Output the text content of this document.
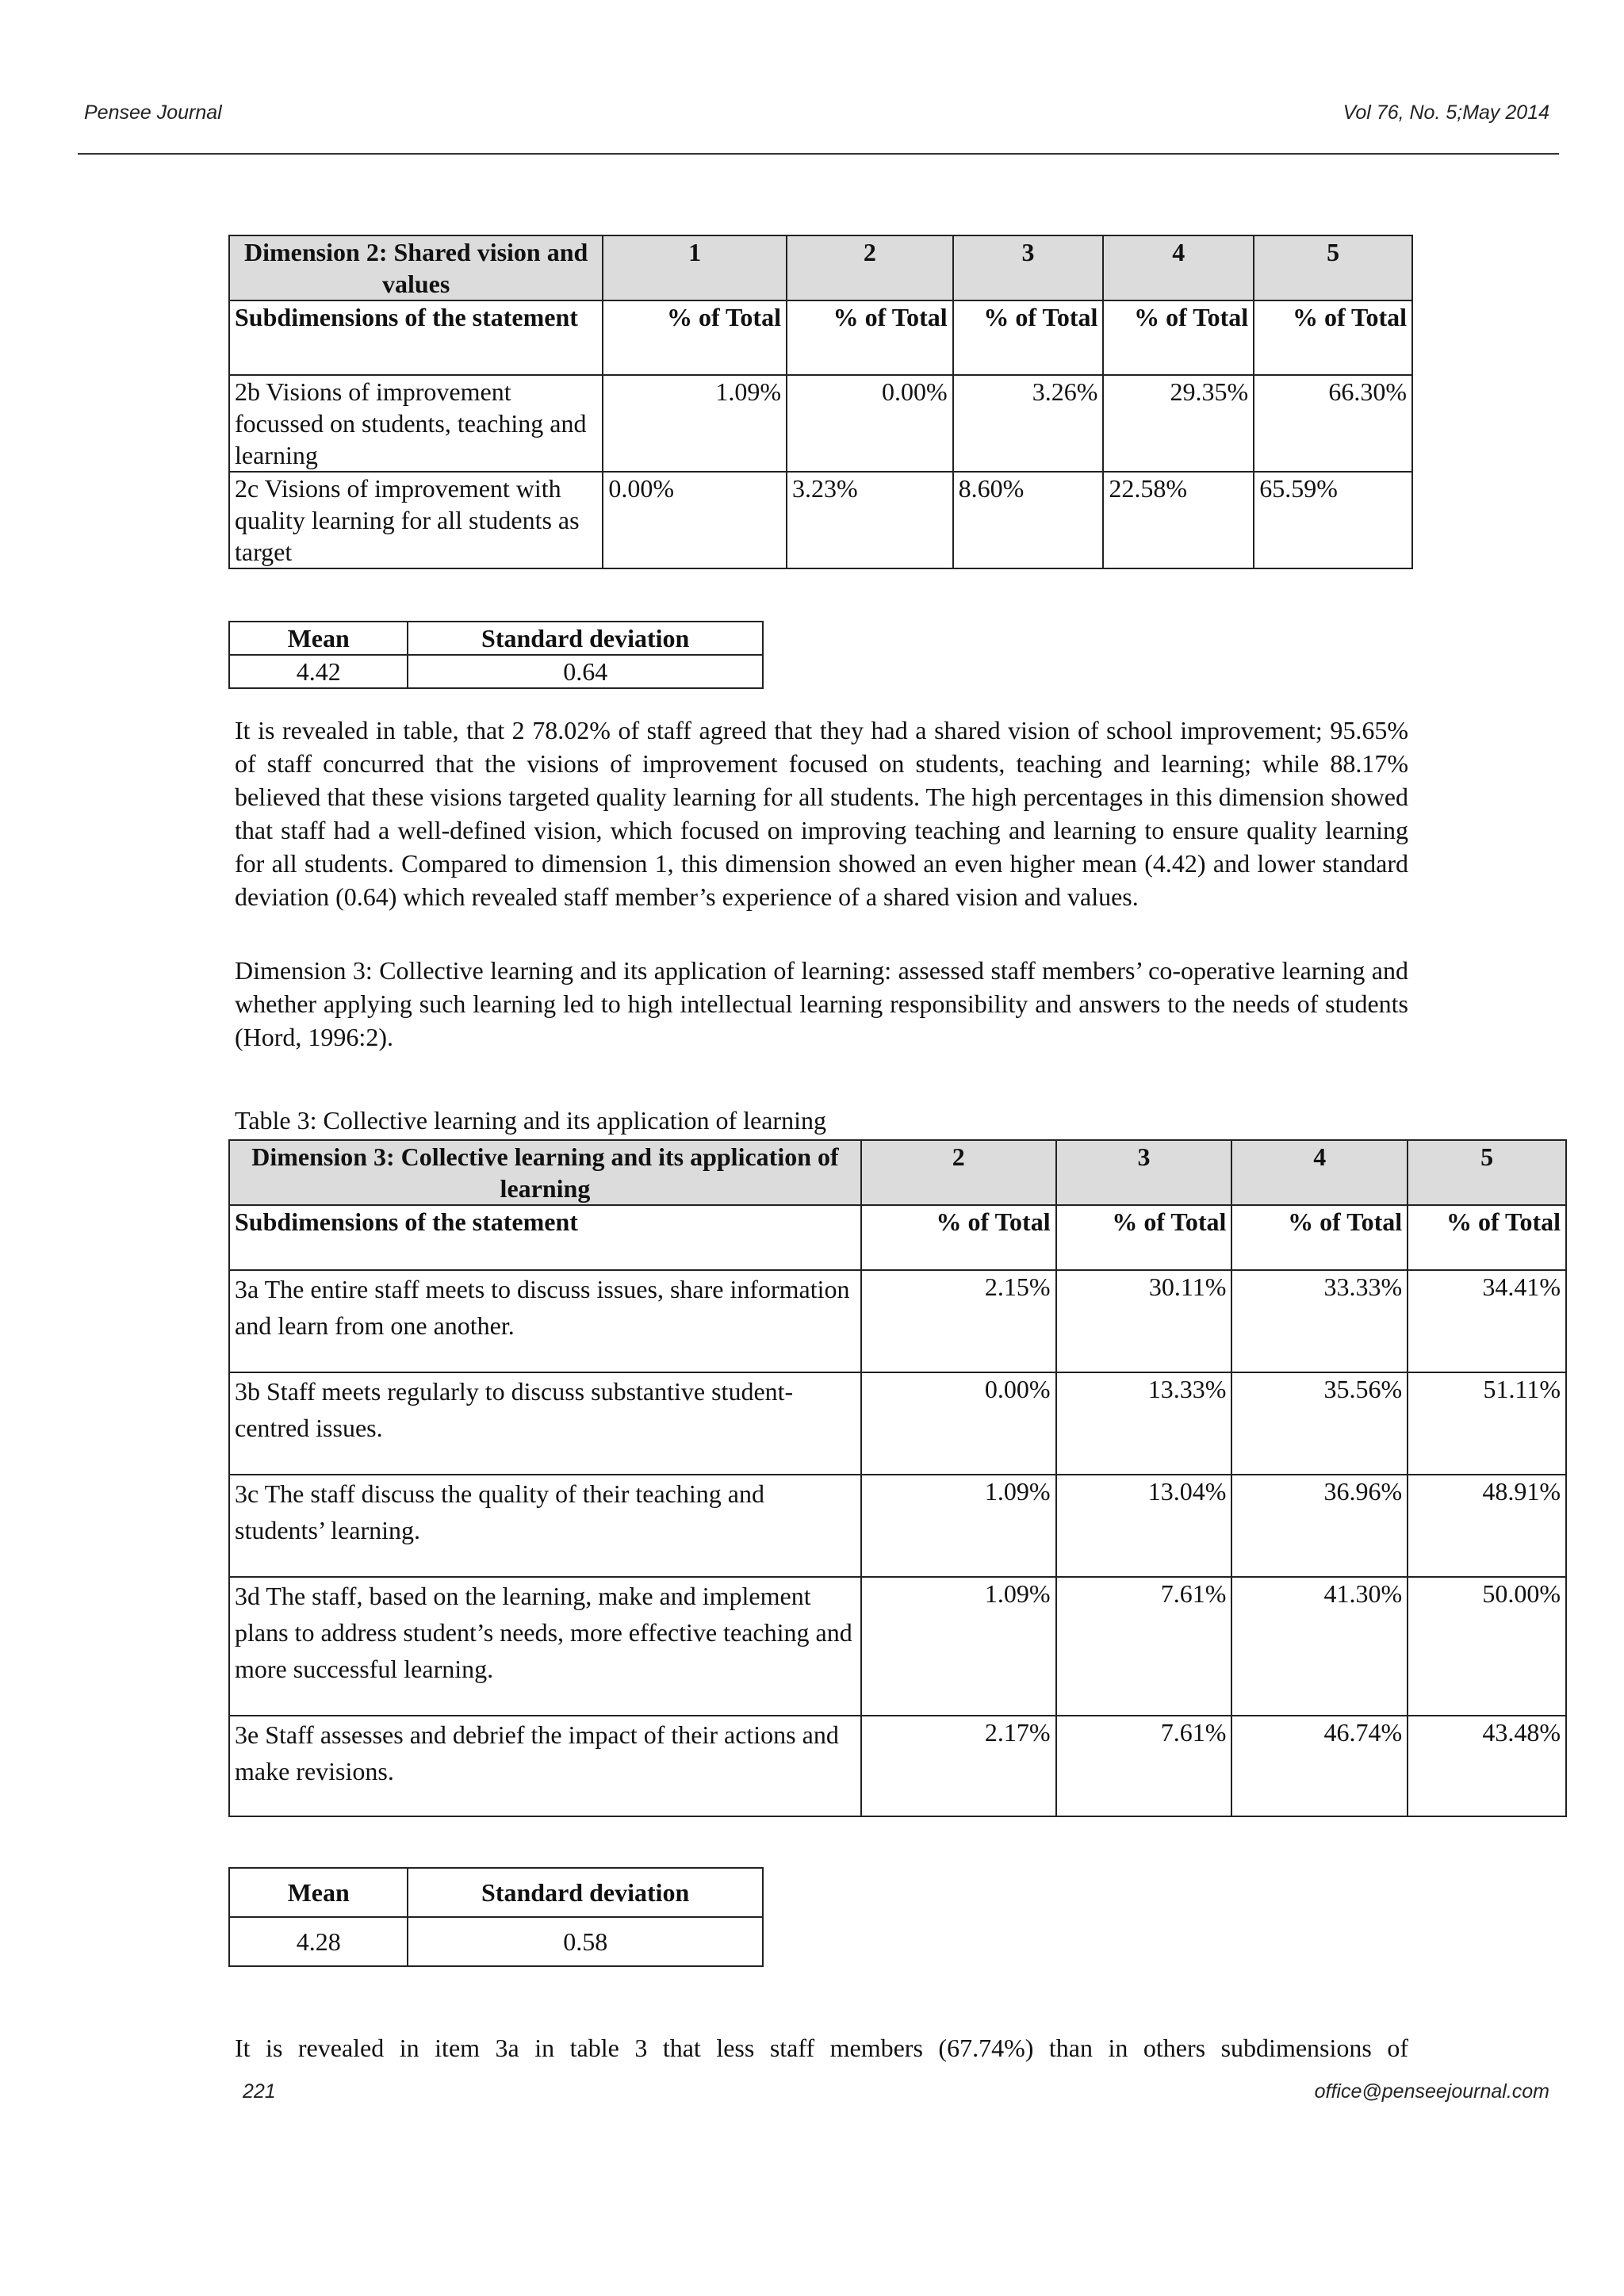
Pensee Journal	Vol 76, No. 5;May 2014
Dimension 2: Shared vision and values	1	2	3	4	5
Subdimensions of the statement	% of Total	% of Total	% of Total	% of Total	% of Total
2b Visions of improvement focussed on students, teaching and learning	1.09%	0.00%	3.26%	29.35%	66.30%
2c Visions of improvement with quality learning for all students as target	0.00%	3.23%	8.60%	22.58%	65.59%
Mean	Standard deviation
4.42	0.64

It is revealed in table, that 2 78.02% of staff agreed that they had a shared vision of school improvement; 95.65% of staff concurred that the visions of improvement focused on students, teaching and learning; while 88.17% believed that these visions targeted quality learning for all students. The high percentages in this dimension showed that staff had a well-defined vision, which focused on improving teaching and learning to ensure quality learning for all students. Compared to dimension 1, this dimension showed an even higher mean (4.42) and lower standard deviation (0.64) which revealed staff member’s experience of a shared vision and values.

Dimension 3: Collective learning and its application of learning: assessed staff members’ co-operative learning and whether applying such learning led to high intellectual learning responsibility and answers to the needs of students (Hord, 1996:2).

Table 3: Collective learning and its application of learning
Dimension 3: Collective learning and its application of learning	2	3	4	5
Subdimensions of the statement	% of Total	% of Total	% of Total	% of Total
3a The entire staff meets to discuss issues, share information and learn from one another.	2.15%	30.11%	33.33%	34.41%
3b Staff meets regularly to discuss substantive student-centred issues.	0.00%	13.33%	35.56%	51.11%
3c The staff discuss the quality of their teaching and students’ learning.	1.09%	13.04%	36.96%	48.91%
3d The staff, based on the learning, make and implement plans to address student’s needs, more effective teaching and more successful learning.	1.09%	7.61%	41.30%	50.00%
3e Staff assesses and debrief the impact of their actions and make revisions.	2.17%	7.61%	46.74%	43.48%
Mean	Standard deviation
4.28	0.58

It is revealed in item 3a in table 3 that less staff members (67.74%) than in others subdimensions of

221	office@penseejournal.com
